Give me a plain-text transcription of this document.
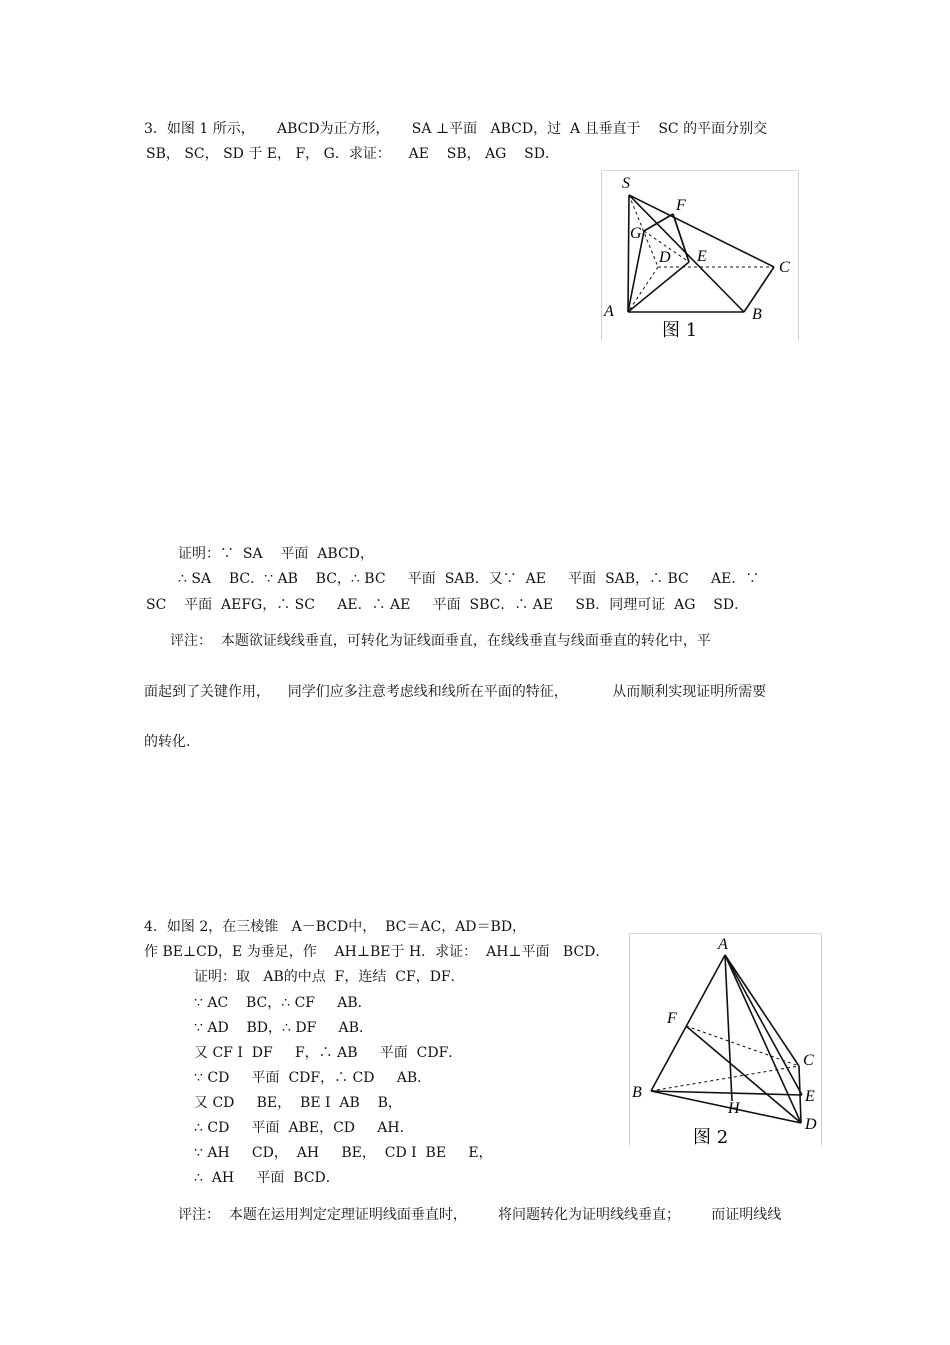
3．如图 1 所示，     ABCD为正方形，     SA ⊥平面   ABCD，过  A 且垂直于    SC 的平面分别交
SB， SC， SD 于 E， F， G．求证：    AE    SB， AG    SD．
S
F
G
D E
C
A	B
图 1
证明：∵  SA    平面  ABCD，
∴ SA    BC．∵ AB    BC，∴ BC     平面  SAB．又∵  AE     平面  SAB，∴ BC     AE．∵
SC    平面  AEFG，∴ SC     AE．∴ AE     平面  SBC．∴ AE     SB．同理可证  AG    SD．
评注：  本题欲证线线垂直，可转化为证线面垂直，在线线垂直与线面垂直的转化中，平
面起到了关键作用，    同学们应多注意考虑线和线所在平面的特征，          从而顺利实现证明所需要
的转化.
4．如图 2，在三棱锥   A－BCD中，  BC＝AC，AD＝BD，
作 BE⊥CD，E 为垂足，作    AH⊥BE于 H．求证：  AH⊥平面   BCD．
证明：取   AB的中点  F，连结  CF，DF．
∵ AC    BC，∴ CF     AB．
∵ AD    BD，∴ DF     AB．
又 CF I  DF     F，∴ AB     平面  CDF．
∵ CD     平面  CDF，∴ CD     AB．
又 CD     BE，  BE I  AB    B，
∴ CD     平面  ABE，CD     AH．
∵ AH     CD，  AH     BE，  CD I  BE     E，
∴  AH     平面  BCD．
A
F
C
B	E
H
D
图 2
评注：  本题在运用判定定理证明线面垂直时，       将问题转化为证明线线垂直；       而证明线线
